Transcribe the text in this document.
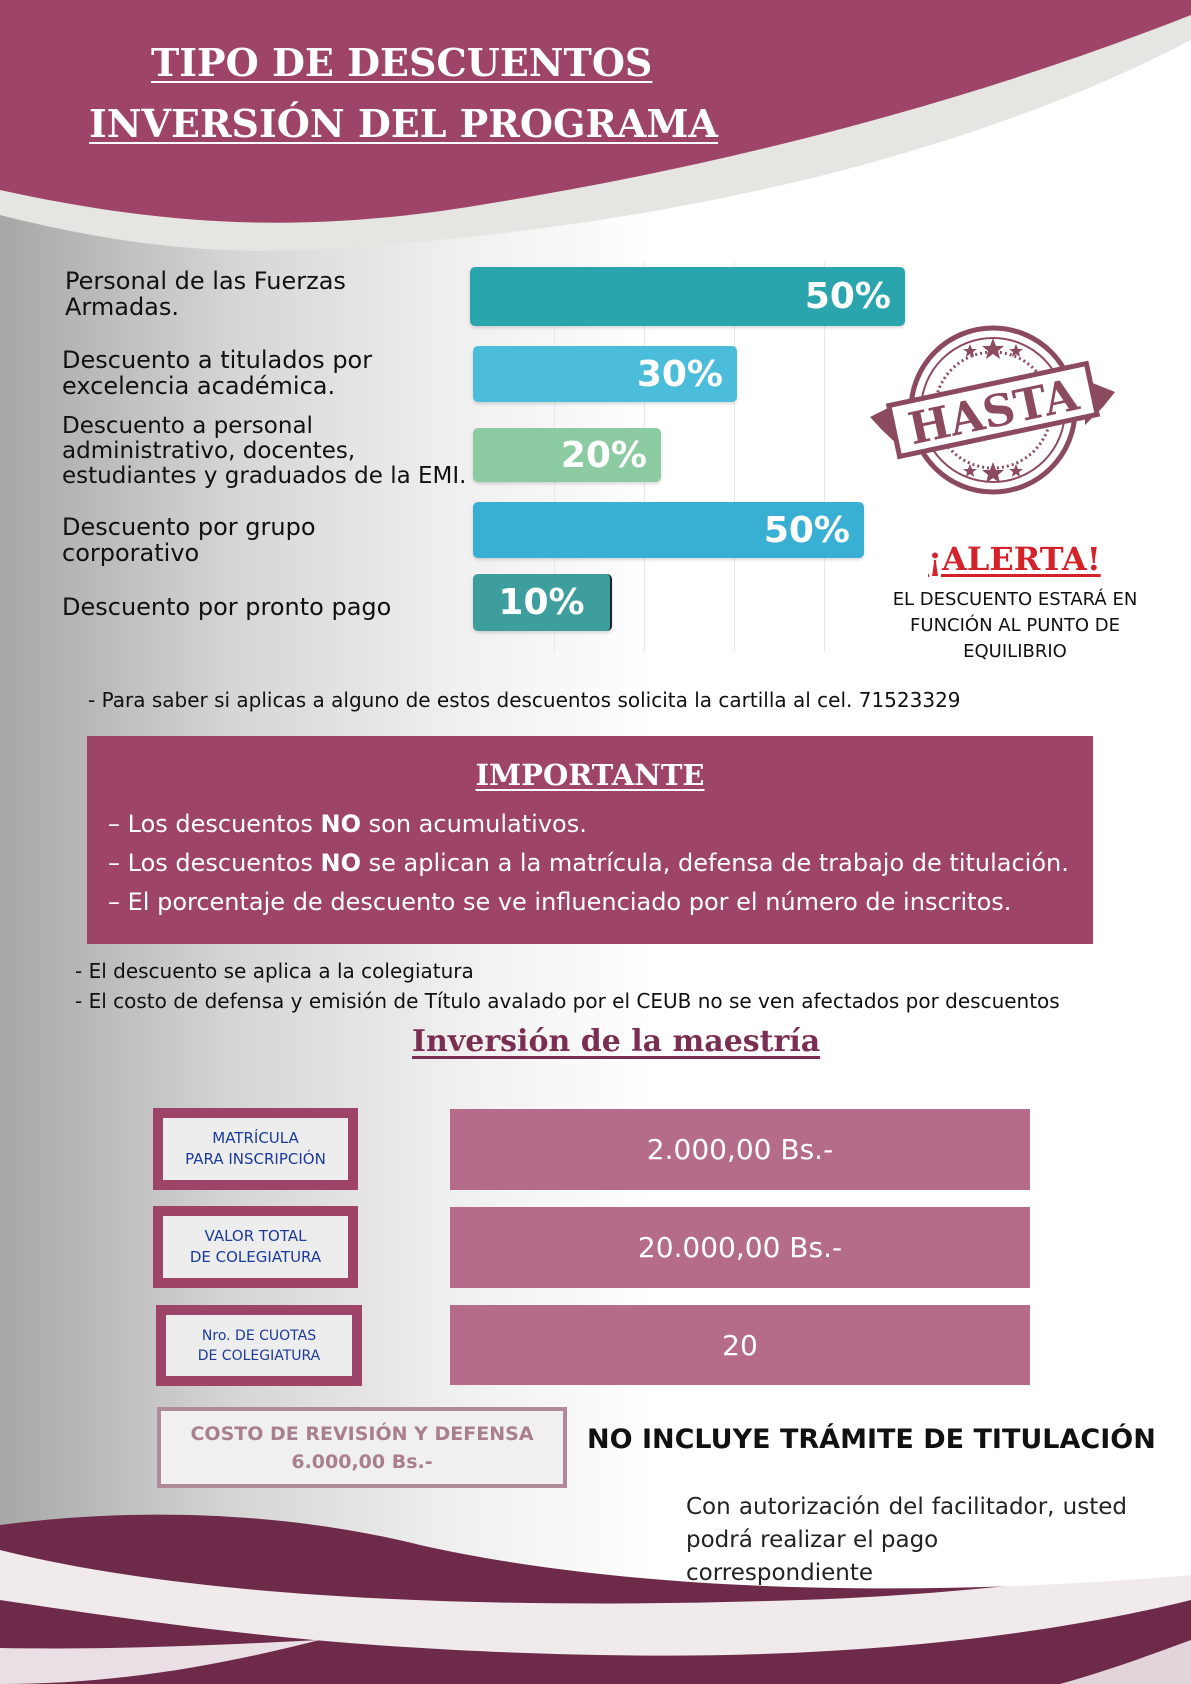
TIPO DE DESCUENTOS
INVERSIÓN DEL PROGRAMA
Personal de las Fuerzas
Armadas.
Descuento a titulados por
excelencia académica.
Descuento a personal
administrativo, docentes,
estudiantes y graduados de la EMI.
Descuento por grupo
corporativo
Descuento por pronto pago
50%
30%
20%
50%
10%
HASTA
¡ALERTA!
EL DESCUENTO ESTARÁ EN
FUNCIÓN AL PUNTO DE
EQUILIBRIO
- Para saber si aplicas a alguno de estos descuentos solicita la cartilla al cel. 71523329
IMPORTANTE
– Los descuentos NO son acumulativos.
– Los descuentos NO se aplican a la matrícula, defensa de trabajo de titulación.
– El porcentaje de descuento se ve influenciado por el número de inscritos.
- El descuento se aplica a la colegiatura
- El costo de defensa y emisión de Título avalado por el CEUB no se ven afectados por descuentos
Inversión de la maestría
MATRÍCULA
PARA INSCRIPCIÓN	2.000,00 Bs.-
VALOR TOTAL
DE COLEGIATURA	20.000,00 Bs.-
Nro. DE CUOTAS
DE COLEGIATURA	20
COSTO DE REVISIÓN Y DEFENSA
6.000,00 Bs.-
NO INCLUYE TRÁMITE DE TITULACIÓN
Con autorización del facilitador, usted
podrá realizar el pago correspondiente
